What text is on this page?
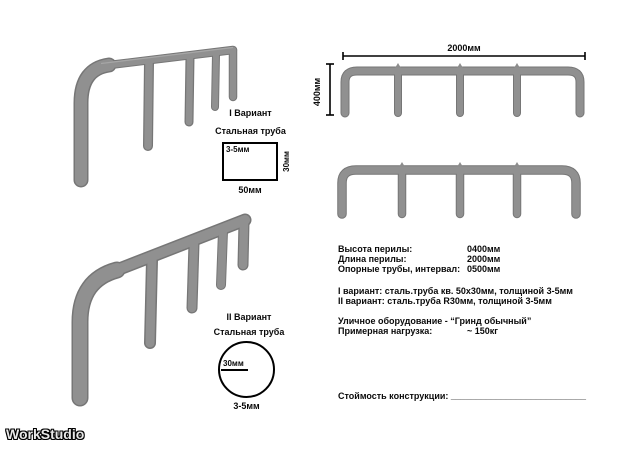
I Вариант
Стальная труба
3-5мм
30мм
50мм
2000мм
400мм
II Вариант
Стальная труба
30мм
3-5мм
Высота перилы:	0400мм
Длина перилы:	2000мм
Опорные трубы, интервал: 0500мм
I вариант: сталь.труба кв. 50x30мм, толщиной 3-5мм
II вариант: сталь.труба R30мм, толщиной 3-5мм
Уличное оборудование - “Гринд обычный”
Примерная нагрузка:	~ 150кг
Стоймость конструкции: ___________________________
WorkStudio
